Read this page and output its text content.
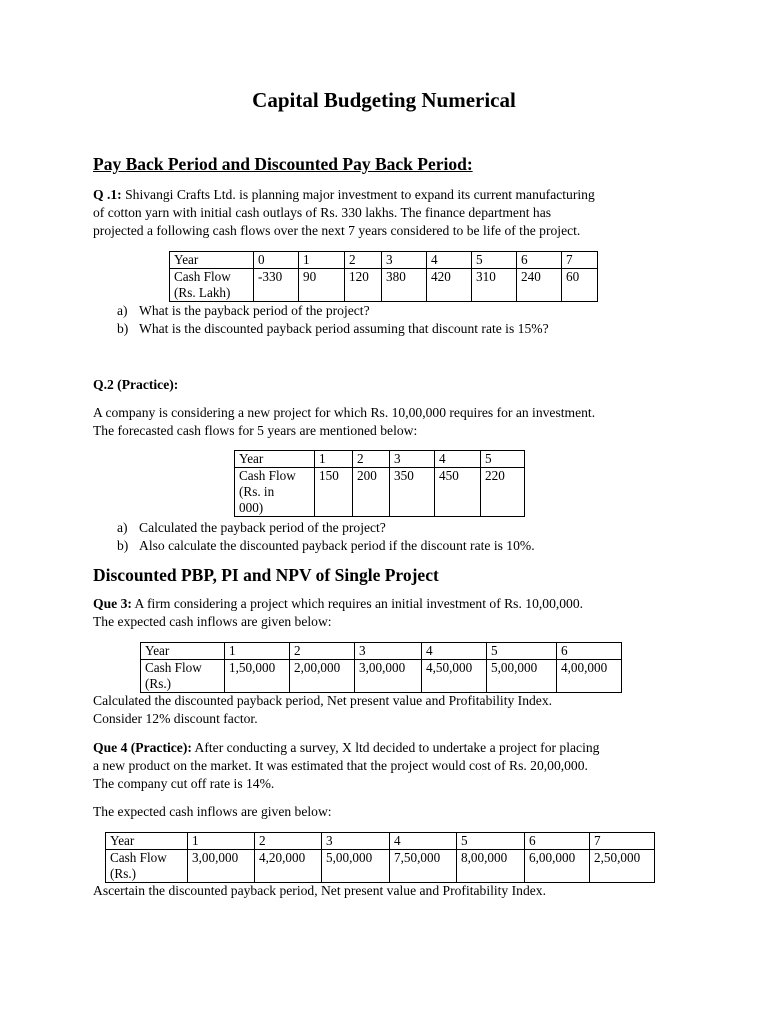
Capital Budgeting Numerical
Pay Back Period and Discounted Pay Back Period:
Q .1: Shivangi Crafts Ltd. is planning major investment to expand its current manufacturing
of cotton yarn with initial cash outlays of Rs. 330 lakhs. The finance department has
projected a following cash flows over the next 7 years considered to be life of the project.
Year	0	1	2	3	4	5	6	7

Cash Flow
(Rs. Lakh)	-330	90	120	380	420	310	240	60
a) What is the payback period of the project?
b) What is the discounted payback period assuming that discount rate is 15%?
Q.2 (Practice):
A company is considering a new project for which Rs. 10,00,000 requires for an investment.
The forecasted cash flows for 5 years are mentioned below:
Year	1	2	3	4	5

Cash Flow
(Rs. in
000)	150	200	350	450	220
a) Calculated the payback period of the project?
b) Also calculate the discounted payback period if the discount rate is 10%.
Discounted PBP, PI and NPV of Single Project
Que 3: A firm considering a project which requires an initial investment of Rs. 10,00,000.
The expected cash inflows are given below:
Year	1	2	3	4	5	6

Cash Flow
(Rs.)	1,50,000	2,00,000	3,00,000	4,50,000	5,00,000	4,00,000
Calculated the discounted payback period, Net present value and Profitability Index.
Consider 12% discount factor.
Que 4 (Practice): After conducting a survey, X ltd decided to undertake a project for placing
a new product on the market. It was estimated that the project would cost of Rs. 20,00,000.
The company cut off rate is 14%.
The expected cash inflows are given below:
Year	1	2	3	4	5	6	7

Cash Flow
(Rs.)	3,00,000	4,20,000	5,00,000	7,50,000	8,00,000	6,00,000	2,50,000
Ascertain the discounted payback period, Net present value and Profitability Index.
